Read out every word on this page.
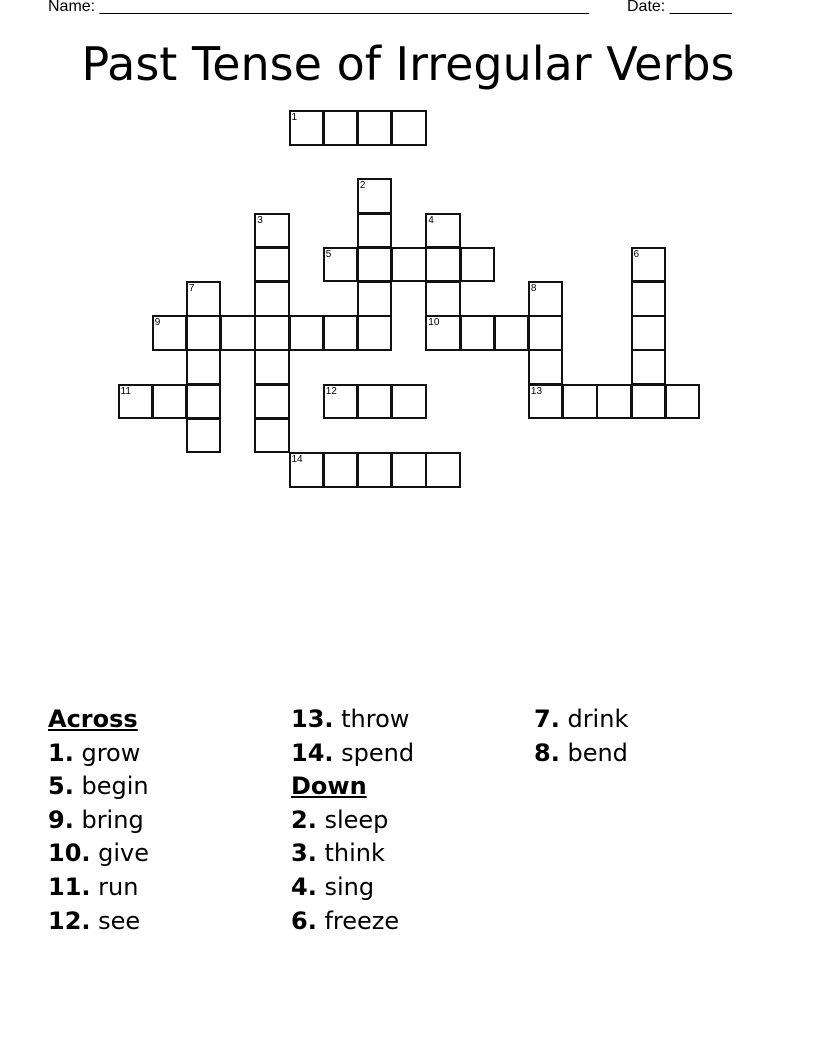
Name: _______________________________________________________ Date: _______
Past Tense of Irregular Verbs
1
2
3	4
10
5	6
7	8
13
9
11	12
14
Across
1. grow
5. begin
9. bring
10. give
11. run
12. see
13. throw
14. spend
Down
2. sleep
3. think
4. sing
6. freeze
7. drink
8. bend
